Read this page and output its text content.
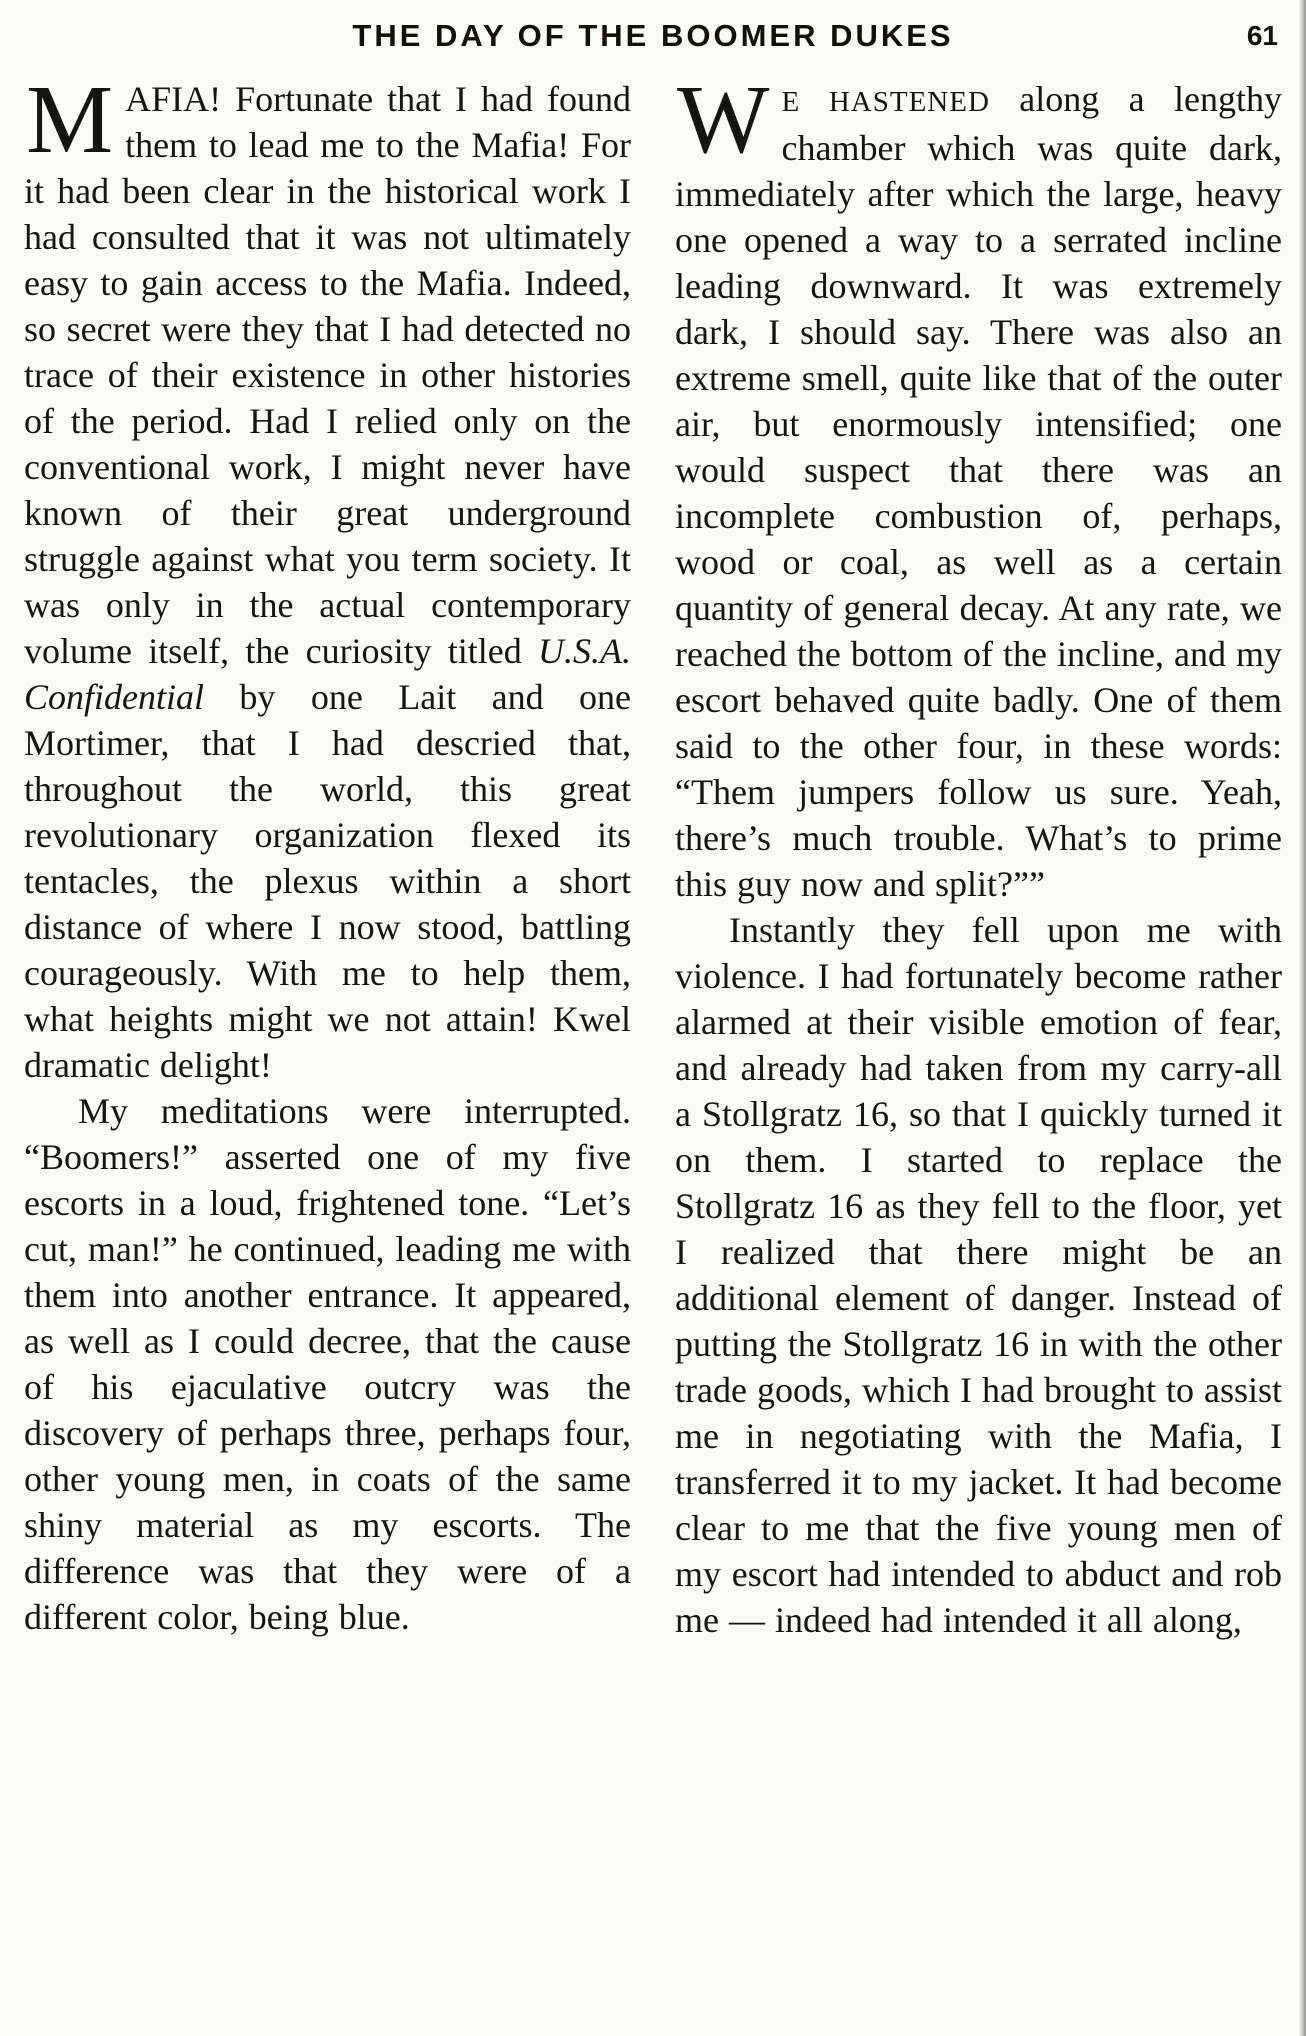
THE DAY OF THE BOOMER DUKES	61

MAFIA! Fortunate that I had found them to lead me to the Mafia! For it had been clear in the historical work I had consulted that it was not ultimately easy to gain access to the Mafia. Indeed, so secret were they that I had detected no trace of their existence in other histories of the period. Had I relied only on the conventional work, I might never have known of their great underground struggle against what you term society. It was only in the actual contemporary volume itself, the curiosity titled U.S.A. Confidential by one Lait and one Mortimer, that I had descried that, throughout the world, this great revolutionary organization flexed its tentacles, the plexus within a short distance of where I now stood, battling courageously. With me to help them, what heights might we not attain! Kwel dramatic delight!

My meditations were interrupted. “Boomers!” asserted one of my five escorts in a loud, frightened tone. “Let’s cut, man!” he continued, leading me with them into another entrance. It appeared, as well as I could decree, that the cause of his ejaculative outcry was the discovery of perhaps three, perhaps four, other young men, in coats of the same shiny material as my escorts. The difference was that they were of a different color, being blue.

W E HASTENED along a lengthy chamber which was quite dark, immediately after which the large, heavy one opened a way to a serrated incline leading downward. It was extremely dark, I should say. There was also an extreme smell, quite like that of the outer air, but enormously intensified; one would suspect that there was an incomplete combustion of, perhaps, wood or coal, as well as a certain quantity of general decay. At any rate, we reached the bottom of the incline, and my escort behaved quite badly. One of them said to the other four, in these words: “Them jumpers follow us sure. Yeah, there’s much trouble. What’s to prime this guy now and split?””

Instantly they fell upon me with violence. I had fortunately become rather alarmed at their visible emotion of fear, and already had taken from my carry-all a Stollgratz 16, so that I quickly turned it on them. I started to replace the Stollgratz 16 as they fell to the floor, yet I realized that there might be an additional element of danger. Instead of putting the Stollgratz 16 in with the other trade goods, which I had brought to assist me in negotiating with the Mafia, I transferred it to my jacket. It had become clear to me that the five young men of my escort had intended to abduct and rob me — indeed had intended it all along,
